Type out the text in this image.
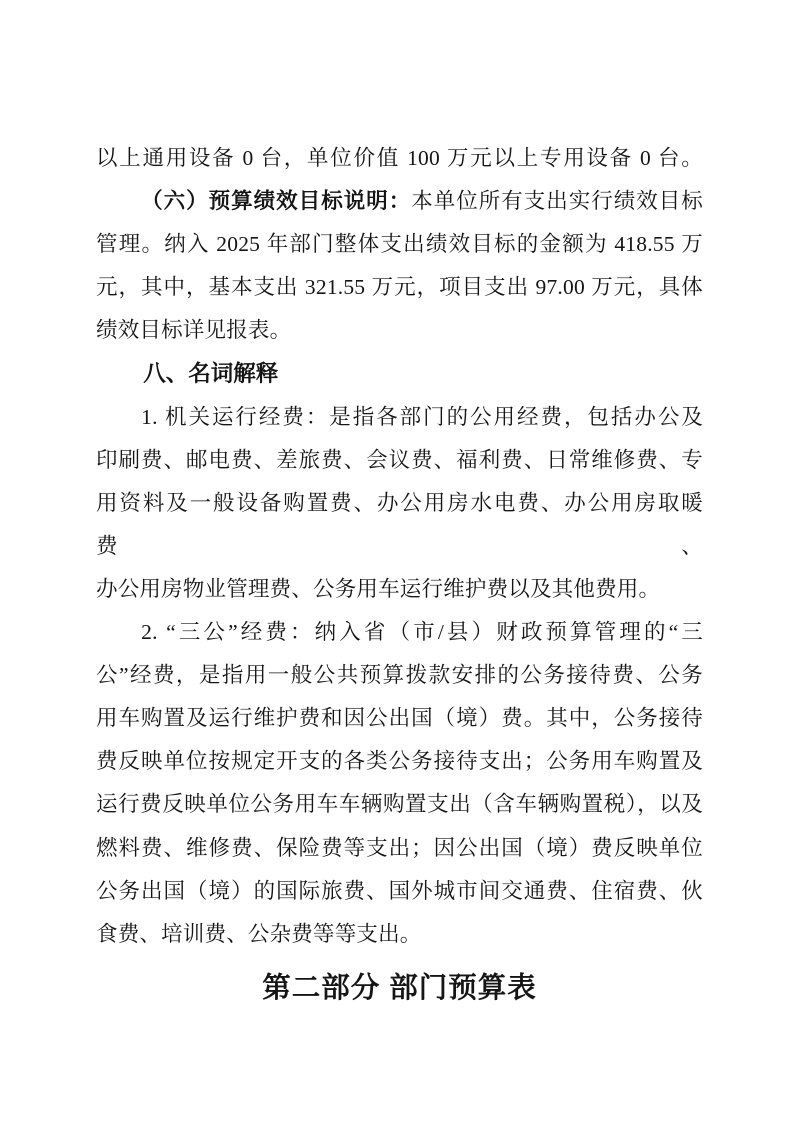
以上通用设备 0 台，单位价值 100 万元以上专用设备 0 台。

（六）预算绩效目标说明：本单位所有支出实行绩效目标

管理。纳入 2025 年部门整体支出绩效目标的金额为 418.55 万

元，其中，基本支出 321.55 万元，项目支出 97.00 万元，具体

绩效目标详见报表。

八、名词解释

1. 机关运行经费：是指各部门的公用经费，包括办公及

印刷费、邮电费、差旅费、会议费、福利费、日常维修费、专

用资料及一般设备购置费、办公用房水电费、办公用房取暖费、

办公用房物业管理费、公务用车运行维护费以及其他费用。

2. “三公”经费：纳入省（市/县）财政预算管理的“三

公”经费，是指用一般公共预算拨款安排的公务接待费、公务

用车购置及运行维护费和因公出国（境）费。其中，公务接待

费反映单位按规定开支的各类公务接待支出；公务用车购置及

运行费反映单位公务用车车辆购置支出（含车辆购置税），以及

燃料费、维修费、保险费等支出；因公出国（境）费反映单位

公务出国（境）的国际旅费、国外城市间交通费、住宿费、伙

食费、培训费、公杂费等等支出。

第二部分 部门预算表
